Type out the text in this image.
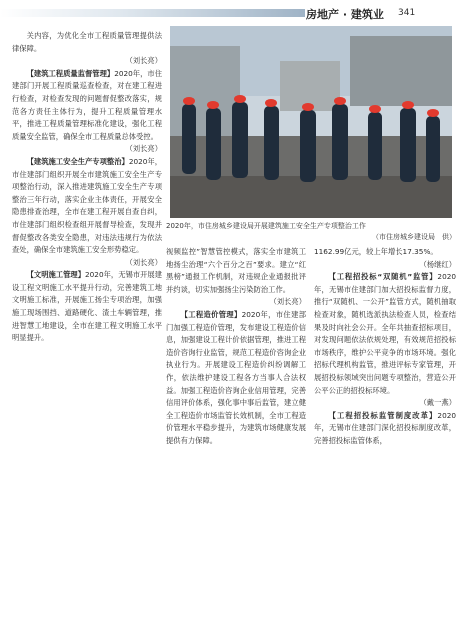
房地产 · 建筑业 341

关内容，为优化全市工程质量管理提供法律保障。

（刘长亮）

【建筑工程质量监督管理】2020年，市住建部门开展工程质量巡查检查，对在建工程进行检查，对检查发现的问题督促整改落实，规范各方责任主体行为，提升工程质量管理水平，推进工程质量管理标准化建设，强化工程质量安全监管，确保全市工程质量总体受控。

（刘长亮）

【建筑施工安全生产专项整治】2020年，市住建部门组织开展全市建筑施工安全生产专项整治行动，深入推进建筑施工安全生产专项整治三年行动，落实企业主体责任，开展安全隐患排查治理，全市在建工程开展自查自纠，市住建部门组织检查组开展督导检查，发现并督促整改各类安全隐患，对违法违规行为依法查处，确保全市建筑施工安全形势稳定。

（刘长亮）

【文明施工管理】2020年，无锡市开展建设工程文明施工水平提升行动，完善建筑工地文明施工标准，开展施工扬尘专项治理，加强施工现场围挡、道路硬化、渣土车辆管理，推进智慧工地建设，全市在建工程文明施工水平明显提升。

2020年，市住房城乡建设局开展建筑施工安全生产专项整治工作

（市住房城乡建设局　供）

视频监控”智慧管控模式，落实全市建筑工地扬尘治理“六个百分之百”要求。建立“红黑榜”通报工作机制，对违规企业通报批评并约谈，切实加强扬尘污染防治工作。

（刘长亮）

【工程造价管理】2020年，市住建部门加强工程造价管理，发布建设工程造价信息，加强建设工程计价依据管理，推进工程造价咨询行业监管，规范工程造价咨询企业执业行为。开展建设工程造价纠纷调解工作，依法维护建设工程各方当事人合法权益。加强工程造价咨询企业信用管理，完善信用评价体系，强化事中事后监管，建立健全工程造价市场监管长效机制，全市工程造价管理水平稳步提升，为建筑市场健康发展提供有力保障。

1162.99亿元，较上年增长17.35%。

（杨继红）

【工程招投标“双随机”监管】2020年，无锡市住建部门加大招投标监督力度，推行“双随机、一公开”监管方式，随机抽取检查对象，随机选派执法检查人员，检查结果及时向社会公开。全年共抽查招标项目，对发现问题依法依规处理，有效规范招投标市场秩序，维护公平竞争的市场环境。强化招标代理机构监管，推进评标专家管理，开展招投标领域突出问题专项整治，营造公开公平公正的招投标环境。

（戴一燕）

【工程招投标监管制度改革】2020年，无锡市住建部门深化招投标制度改革，完善招投标监管体系，
